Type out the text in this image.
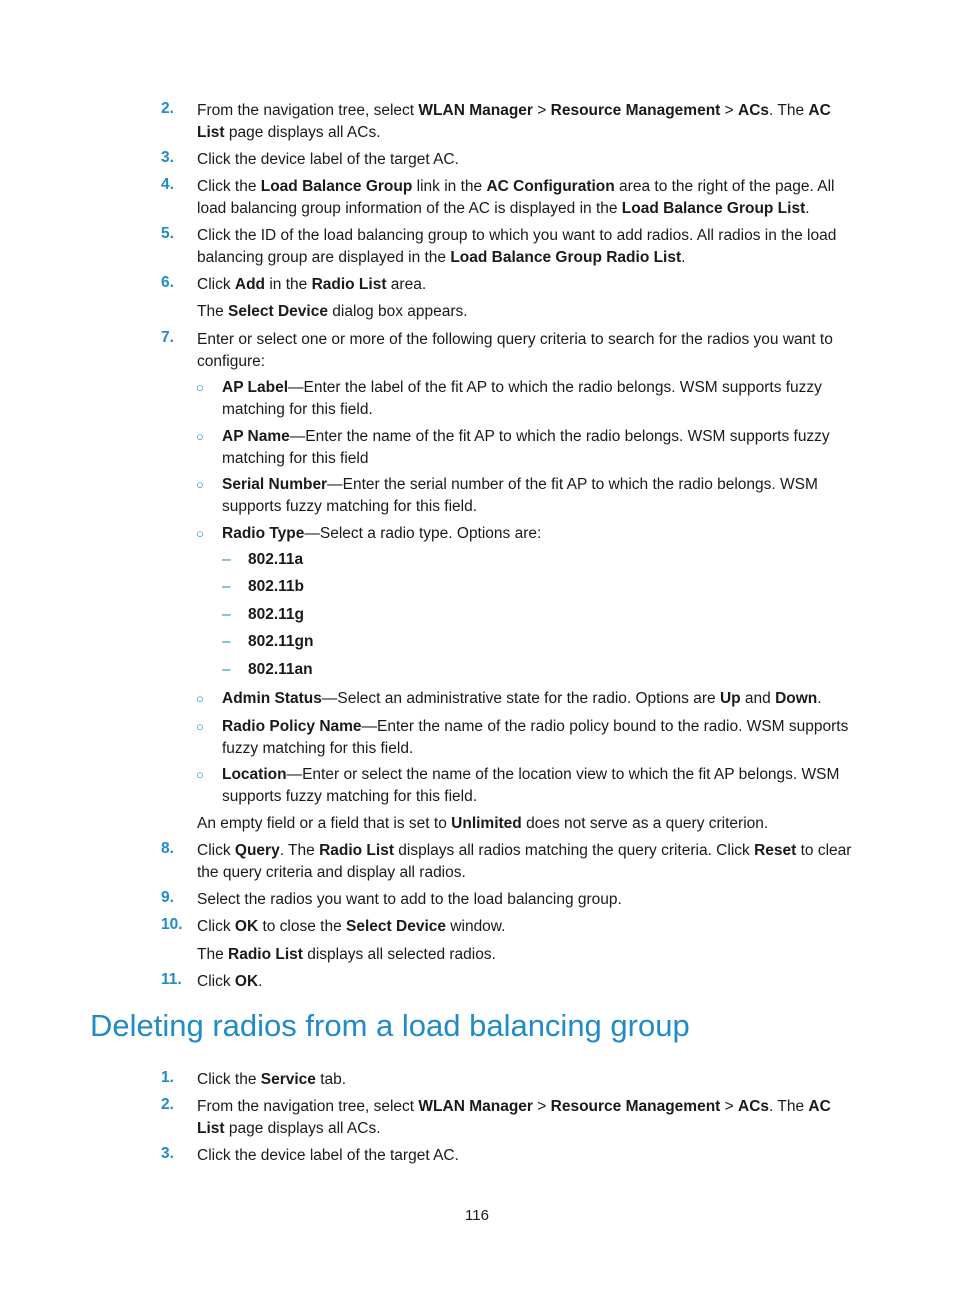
2. From the navigation tree, select WLAN Manager > Resource Management > ACs. The AC List page displays all ACs.
3. Click the device label of the target AC.
4. Click the Load Balance Group link in the AC Configuration area to the right of the page. All load balancing group information of the AC is displayed in the Load Balance Group List.
5. Click the ID of the load balancing group to which you want to add radios. All radios in the load balancing group are displayed in the Load Balance Group Radio List.
6. Click Add in the Radio List area.
The Select Device dialog box appears.
7. Enter or select one or more of the following query criteria to search for the radios you want to configure:
○ AP Label—Enter the label of the fit AP to which the radio belongs. WSM supports fuzzy matching for this field.
○ AP Name—Enter the name of the fit AP to which the radio belongs. WSM supports fuzzy matching for this field
○ Serial Number—Enter the serial number of the fit AP to which the radio belongs. WSM supports fuzzy matching for this field.
○ Radio Type—Select a radio type. Options are:
– 802.11a
– 802.11b
– 802.11g
– 802.11gn
– 802.11an
○ Admin Status—Select an administrative state for the radio. Options are Up and Down.
○ Radio Policy Name—Enter the name of the radio policy bound to the radio. WSM supports fuzzy matching for this field.
○ Location—Enter or select the name of the location view to which the fit AP belongs. WSM supports fuzzy matching for this field.
An empty field or a field that is set to Unlimited does not serve as a query criterion.
8. Click Query. The Radio List displays all radios matching the query criteria. Click Reset to clear the query criteria and display all radios.
9. Select the radios you want to add to the load balancing group.
10. Click OK to close the Select Device window.
The Radio List displays all selected radios.
11. Click OK.
Deleting radios from a load balancing group
1. Click the Service tab.
2. From the navigation tree, select WLAN Manager > Resource Management > ACs. The AC List page displays all ACs.
3. Click the device label of the target AC.
116
